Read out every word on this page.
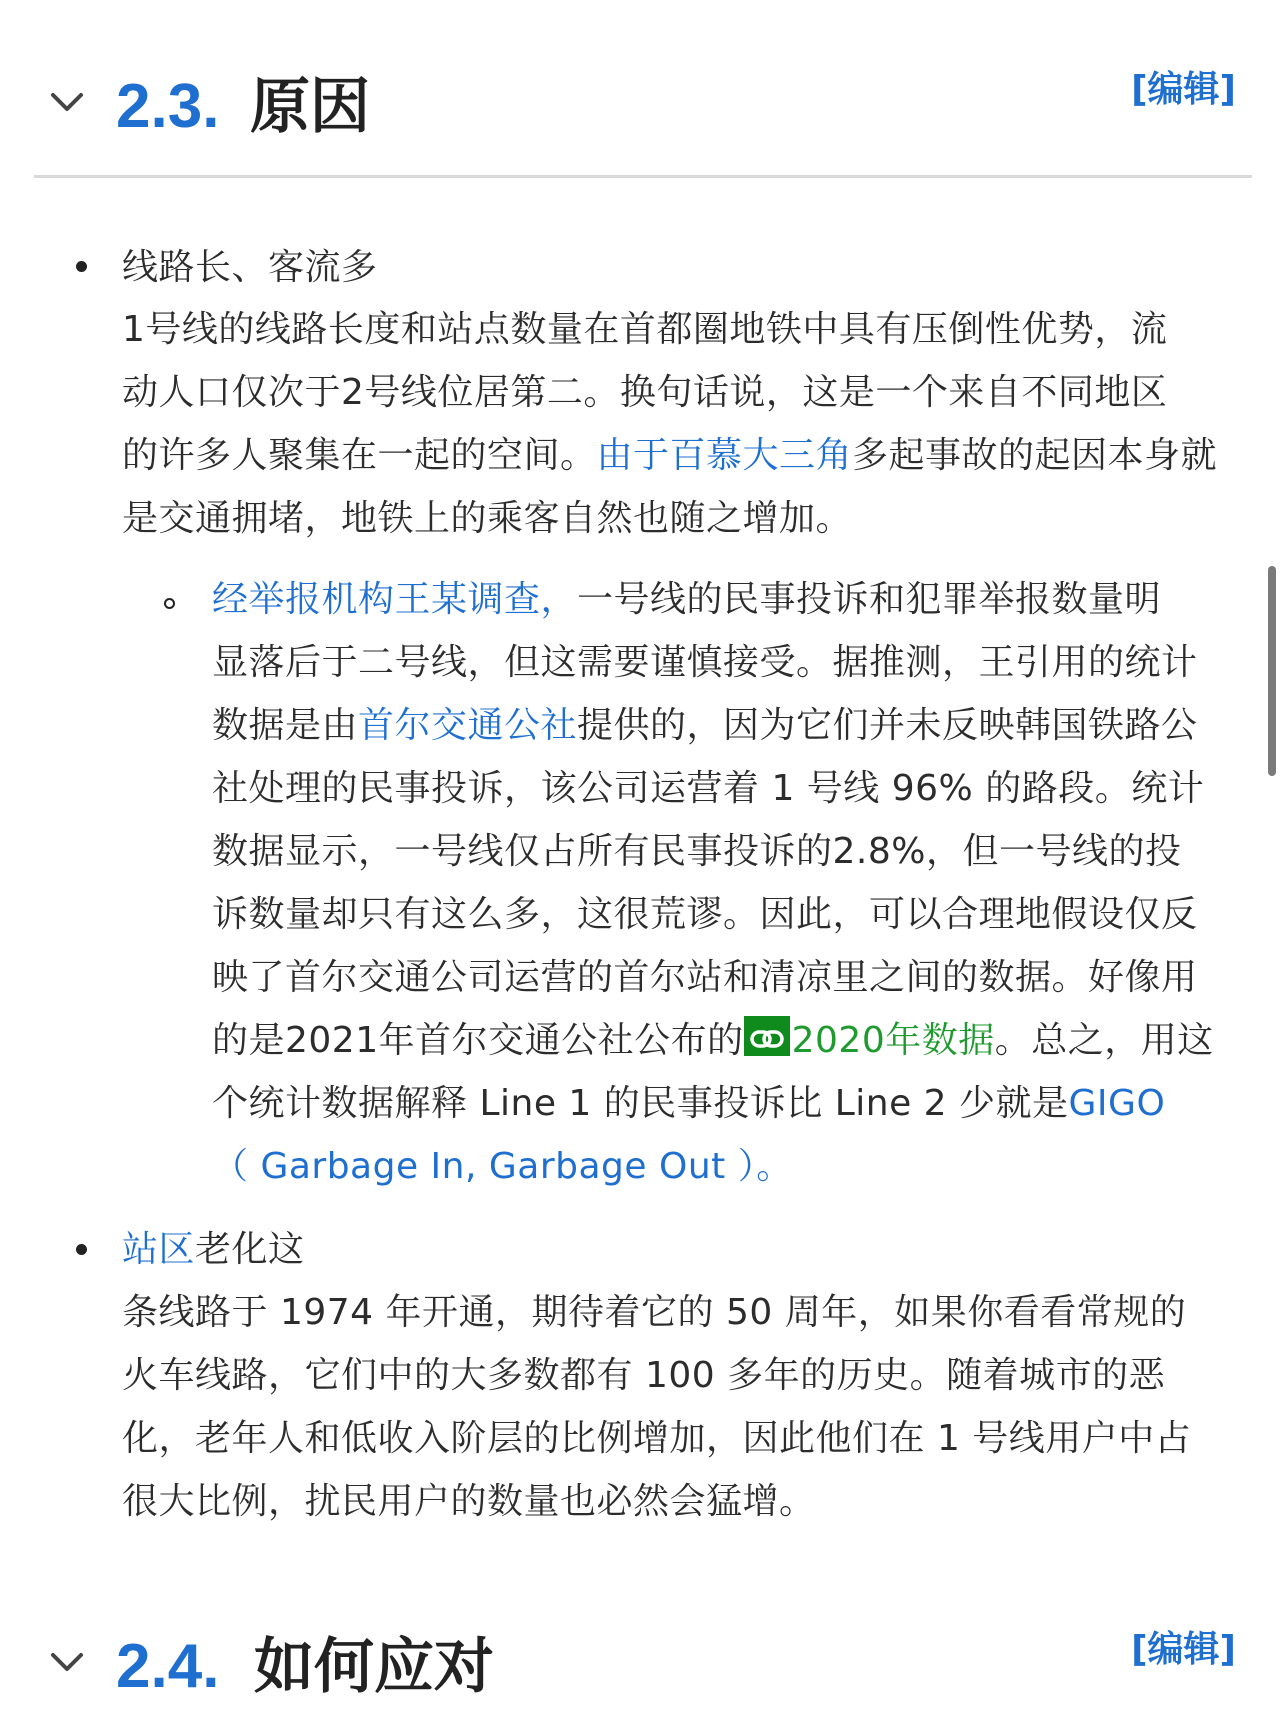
2.3. 原因	[编辑]
线路长、客流多
1号线的线路长度和站点数量在首都圈地铁中具有压倒性优势，流
动人口仅次于2号线位居第二。换句话说，这是一个来自不同地区
的许多人聚集在一起的空间。由于百慕大三角多起事故的起因本身就
是交通拥堵，地铁上的乘客自然也随之增加。
经举报机构王某调查，一号线的民事投诉和犯罪举报数量明
显落后于二号线，但这需要谨慎接受。据推测，王引用的统计
数据是由首尔交通公社提供的，因为它们并未反映韩国铁路公
社处理的民事投诉，该公司运营着 1 号线 96% 的路段。统计
数据显示，一号线仅占所有民事投诉的2.8%，但一号线的投
诉数量却只有这么多，这很荒谬。因此，可以合理地假设仅反
映了首尔交通公司运营的首尔站和清凉里之间的数据。好像用
的是2021年首尔交通公社公布的 2020年数据。总之，用这
个统计数据解释 Line 1 的民事投诉比 Line 2 少就是GIGO
（ Garbage In, Garbage Out ）。
站区老化这
条线路于 1974 年开通，期待着它的 50 周年，如果你看看常规的
火车线路，它们中的大多数都有 100 多年的历史。随着城市的恶
化，老年人和低收入阶层的比例增加，因此他们在 1 号线用户中占
很大比例，扰民用户的数量也必然会猛增。
2.4. 如何应对	[编辑]
